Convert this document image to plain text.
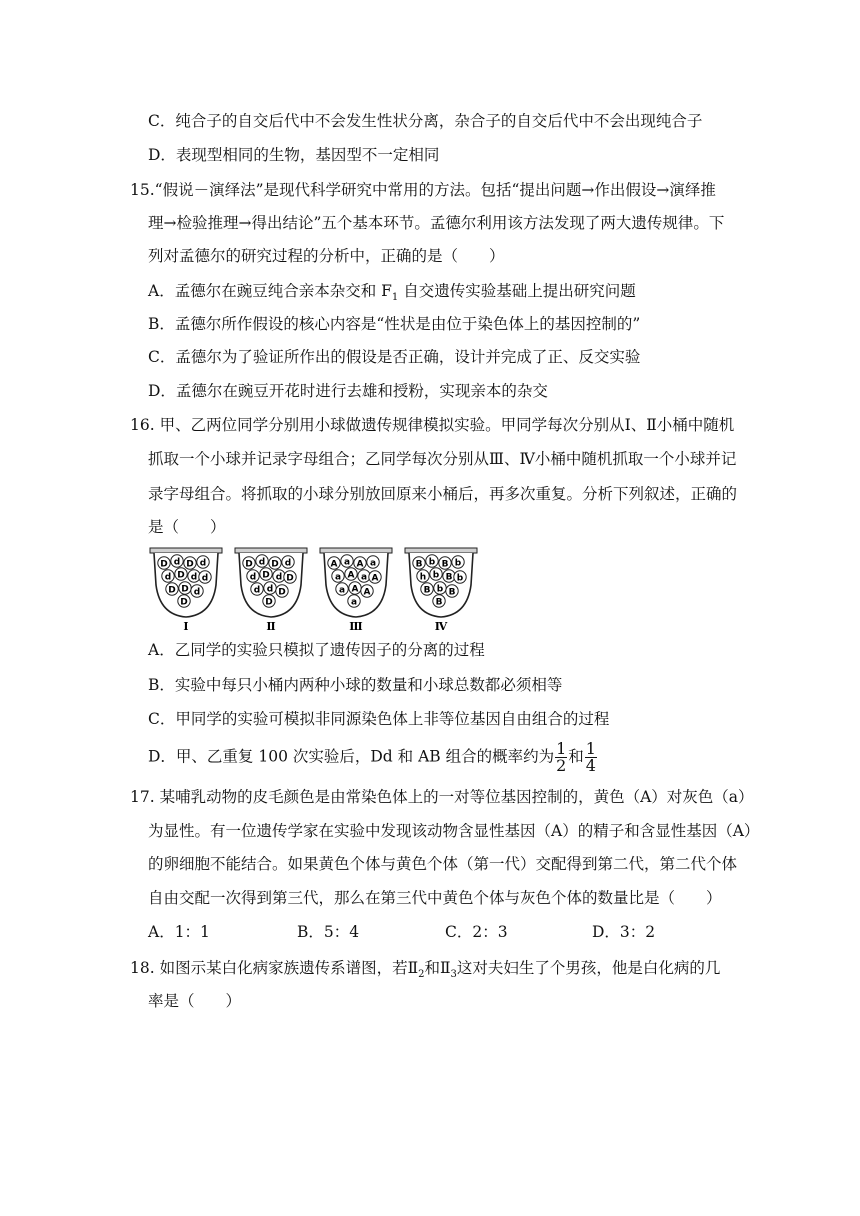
C．纯合子的自交后代中不会发生性状分离，杂合子的自交后代中不会出现纯合子
D．表现型相同的生物，基因型不一定相同
15.“假说－演绎法”是现代科学研究中常用的方法。包括“提出问题→作出假设→演绎推
理→检验推理→得出结论”五个基本环节。孟德尔利用该方法发现了两大遗传规律。下
列对孟德尔的研究过程的分析中，正确的是（　　）
A．孟德尔在豌豆纯合亲本杂交和 $F_1$ 自交遗传实验基础上提出研究问题
B．孟德尔所作假设的核心内容是“性状是由位于染色体上的基因控制的”
C．孟德尔为了验证所作出的假设是否正确，设计并完成了正、反交实验
D．孟德尔在豌豆开花时进行去雄和授粉，实现亲本的杂交
16. 甲、乙两位同学分别用小球做遗传规律模拟实验。甲同学每次分别从Ⅰ、Ⅱ小桶中随机
抓取一个小球并记录字母组合；乙同学每次分别从Ⅲ、Ⅳ小桶中随机抓取一个小球并记
录字母组合。将抓取的小球分别放回原来小桶后，再多次重复。分析下列叙述，正确的
是（　　）
D d D d
d D d d
D D d
D
Ⅰ
D d D d
d D d D
d d D
D
Ⅱ
A a A a
a A a A
a A A
a
Ⅲ
B b B b
h b B b
B b B
B
Ⅳ
A．乙同学的实验只模拟了遗传因子的分离的过程
B．实验中每只小桶内两种小球的数量和小球总数都必须相等
C．甲同学的实验可模拟非同源染色体上非等位基因自由组合的过程
D．甲、乙重复 100 次实验后，Dd 和 AB 组合的概率约为 $\frac{1}{2}$ 和 $\frac{1}{4}$
17. 某哺乳动物的皮毛颜色是由常染色体上的一对等位基因控制的，黄色（A）对灰色（a）
为显性。有一位遗传学家在实验中发现该动物含显性基因（A）的精子和含显性基因（A）
的卵细胞不能结合。如果黄色个体与黄色个体（第一代）交配得到第二代，第二代个体
自由交配一次得到第三代，那么在第三代中黄色个体与灰色个体的数量比是（　　）
A．1：1	B．5：4	C．2：3	D．3：2
18. 如图示某白化病家族遗传系谱图，若$Ⅱ_2$和$Ⅱ_3$这对夫妇生了个男孩，他是白化病的几
率是（　　）
